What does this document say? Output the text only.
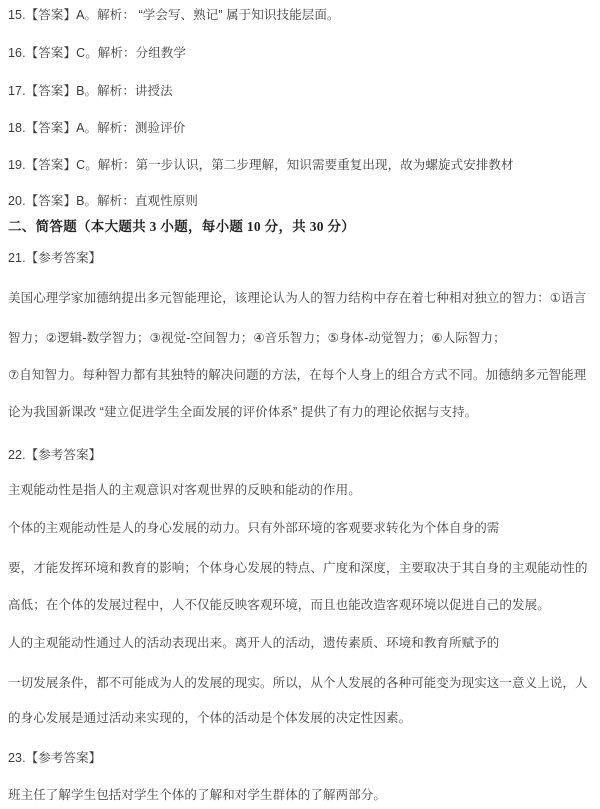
15.【答案】A。解析： “学会写、熟记” 属于知识技能层面。
16.【答案】C。解析：分组教学
17.【答案】B。解析：讲授法
18.【答案】A。解析：测验评价
19.【答案】C。解析：第一步认识，第二步理解，知识需要重复出现，故为螺旋式安排教材
20.【答案】B。解析：直观性原则
二、简答题（本大题共 3 小题，每小题 10 分，共 30 分）
21.【参考答案】
美国心理学家加德纳提出多元智能理论，该理论认为人的智力结构中存在着七种相对独立的智力：①语言
智力；②逻辑-数学智力；③视觉-空间智力；④音乐智力；⑤身体-动觉智力；⑥人际智力；
⑦自知智力。每种智力都有其独特的解决问题的方法，在每个人身上的组合方式不同。加德纳多元智能理
论为我国新课改 “建立促进学生全面发展的评价体系” 提供了有力的理论依据与支持。
22.【参考答案】
主观能动性是指人的主观意识对客观世界的反映和能动的作用。
个体的主观能动性是人的身心发展的动力。只有外部环境的客观要求转化为个体自身的需
要，才能发挥环境和教育的影响；个体身心发展的特点、广度和深度，主要取决于其自身的主观能动性的
高低；在个体的发展过程中，人不仅能反映客观环境，而且也能改造客观环境以促进自己的发展。
人的主观能动性通过人的活动表现出来。离开人的活动，遗传素质、环境和教育所赋予的
一切发展条件，都不可能成为人的发展的现实。所以，从个人发展的各种可能变为现实这一意义上说，人
的身心发展是通过活动来实现的，个体的活动是个体发展的决定性因素。
23.【参考答案】
班主任了解学生包括对学生个体的了解和对学生群体的了解两部分。
